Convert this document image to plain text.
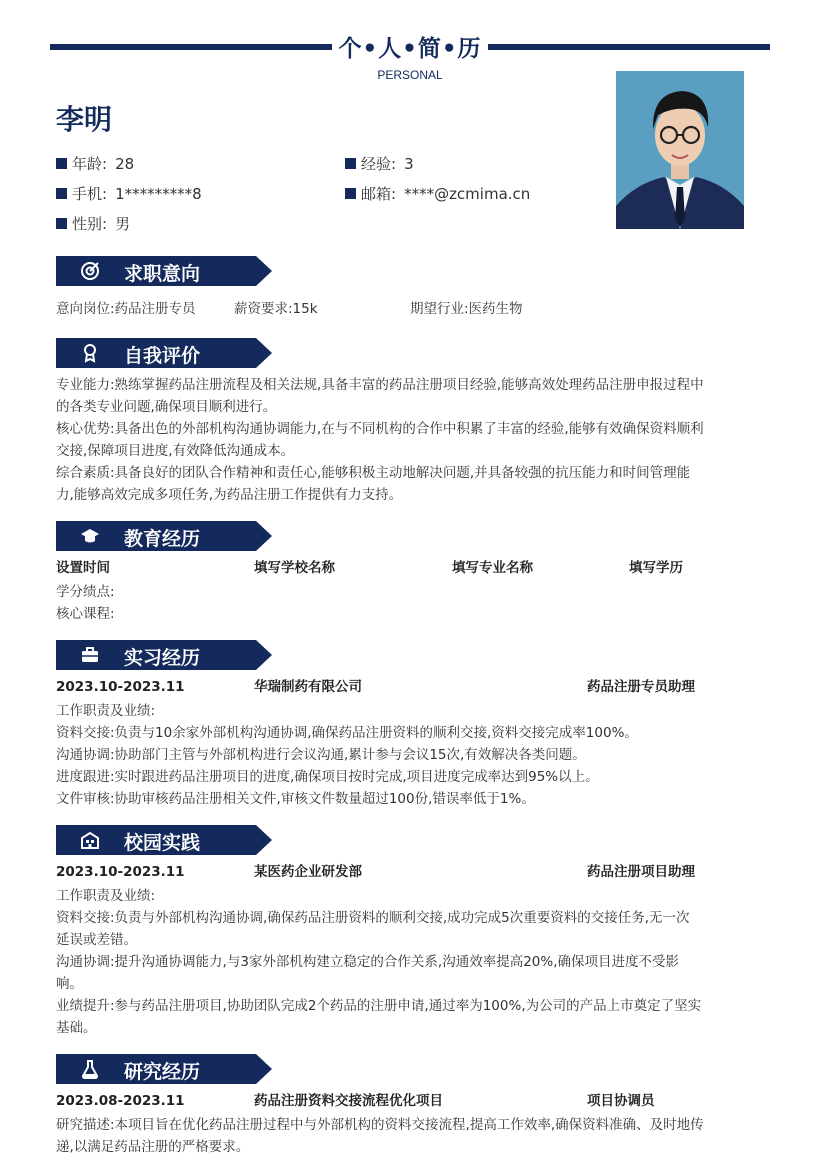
个•人•简•历
PERSONAL
李明
年龄: 28	经验: 3
手机: 1*********8	邮箱: ****@zcmima.cn
性别: 男
求职意向
意向岗位:药品注册专员	薪资要求:15k	期望行业:医药生物
自我评价
专业能力:熟练掌握药品注册流程及相关法规,具备丰富的药品注册项目经验,能够高效处理药品注册申报过程中
的各类专业问题,确保项目顺利进行。
核心优势:具备出色的外部机构沟通协调能力,在与不同机构的合作中积累了丰富的经验,能够有效确保资料顺利
交接,保障项目进度,有效降低沟通成本。
综合素质:具备良好的团队合作精神和责任心,能够积极主动地解决问题,并具备较强的抗压能力和时间管理能
力,能够高效完成多项任务,为药品注册工作提供有力支持。
教育经历
设置时间	填写学校名称	填写专业名称	填写学历
学分绩点:
核心课程:
实习经历
2023.10-2023.11	华瑞制药有限公司	药品注册专员助理
工作职责及业绩:
资料交接:负责与10余家外部机构沟通协调,确保药品注册资料的顺利交接,资料交接完成率100%。
沟通协调:协助部门主管与外部机构进行会议沟通,累计参与会议15次,有效解决各类问题。
进度跟进:实时跟进药品注册项目的进度,确保项目按时完成,项目进度完成率达到95%以上。
文件审核:协助审核药品注册相关文件,审核文件数量超过100份,错误率低于1%。
校园实践
2023.10-2023.11	某医药企业研发部	药品注册项目助理
工作职责及业绩:
资料交接:负责与外部机构沟通协调,确保药品注册资料的顺利交接,成功完成5次重要资料的交接任务,无一次
延误或差错。
沟通协调:提升沟通协调能力,与3家外部机构建立稳定的合作关系,沟通效率提高20%,确保项目进度不受影
响。
业绩提升:参与药品注册项目,协助团队完成2个药品的注册申请,通过率为100%,为公司的产品上市奠定了坚实
基础。
研究经历
2023.08-2023.11	药品注册资料交接流程优化项目	项目协调员
研究描述:本项目旨在优化药品注册过程中与外部机构的资料交接流程,提高工作效率,确保资料准确、及时地传
递,以满足药品注册的严格要求。
